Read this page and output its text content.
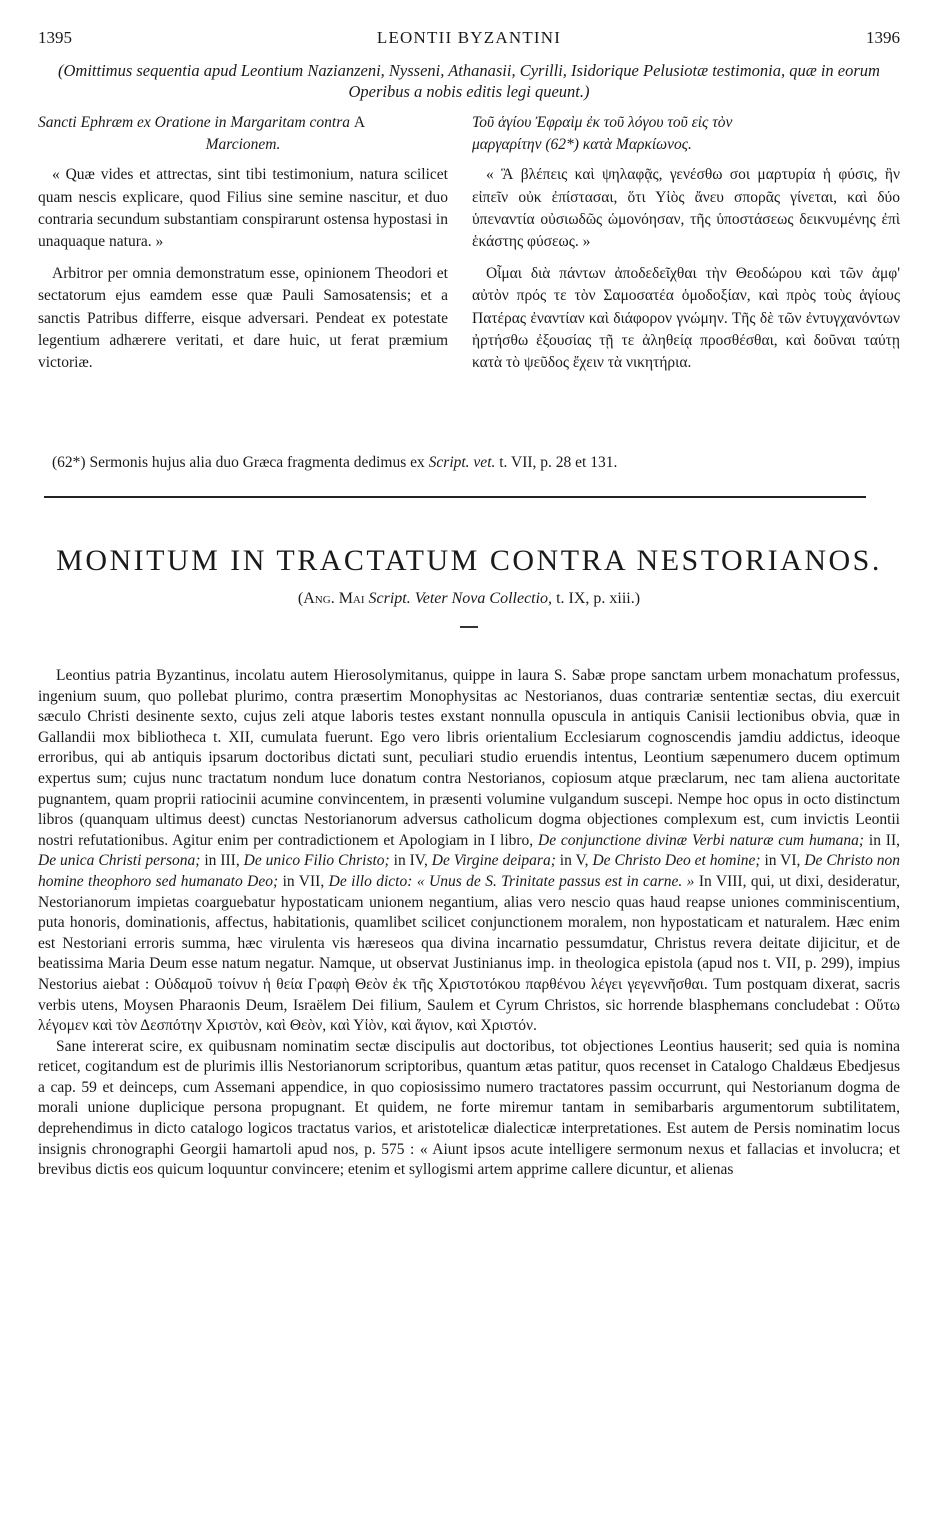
1395	LEONTII BYZANTINI	1396
(Omittimus sequentia apud Leontium Nazianzeni, Nysseni, Athanasii, Cyrilli, Isidorique Pelusiotæ testimonia, quæ in eorum Operibus a nobis editis legi queunt.)
Sancti Ephræm ex Oratione in Margaritam contra A
Marcionem.

« Quæ vides et attrectas, sint tibi testimonium, natura scilicet quam nescis explicare, quod Filius sine semine nascitur, et duo contraria secundum substantiam conspirarunt ostensa hypostasi in unaquaque natura. »

Arbitror per omnia demonstratum esse, opinionem Theodori et sectatorum ejus eamdem esse quæ Pauli Samosatensis; et a sanctis Patribus differre, eisque adversari. Pendeat ex potestate legentium adhærere veritati, et dare huic, ut ferat præmium victoriæ.

Τοῦ ἁγίου Ἐφραὶμ ἐκ τοῦ λόγου τοῦ εἰς τὸν
μαργαρίτην (62*) κατὰ Μαρκίωνος.

« Ἃ βλέπεις καὶ ψηλαφᾷς, γενέσθω σοι μαρτυρία ἡ φύσις, ἣν εἰπεῖν οὐκ ἐπίστασαι, ὅτι Υἱὸς ἄνευ σπορᾶς γίνεται, καὶ δύο ὑπεναντία οὐσιωδῶς ὡμονόησαν, τῆς ὑποστάσεως δεικνυμένης ἐπὶ ἑκάστης φύσεως. »

Οἶμαι διὰ πάντων ἀποδεδεῖχθαι τὴν Θεοδώρου καὶ τῶν ἀμφ' αὐτὸν πρός τε τὸν Σαμοσατέα ὁμοδοξίαν, καὶ πρὸς τοὺς ἁγίους Πατέρας ἐναντίαν καὶ διάφορον γνώμην. Τῆς δὲ τῶν ἐντυγχανόντων ἠρτήσθω ἐξουσίας τῇ τε ἀληθείᾳ προσθέσθαι, καὶ δοῦναι ταύτῃ κατὰ τὸ ψεῦδος ἔχειν τὰ νικητήρια.

(62*) Sermonis hujus alia duo Græca fragmenta dedimus ex Script. vet. t. VII, p. 28 et 131.
MONITUM IN TRACTATUM CONTRA NESTORIANOS.
(Ang. Mai Script. Veter Nova Collectio, t. IX, p. xiii.)

Leontius patria Byzantinus, incolatu autem Hierosolymitanus, quippe in laura S. Sabæ prope sanctam urbem monachatum professus, ingenium suum, quo pollebat plurimo, contra præsertim Monophysitas ac Nestorianos, duas contrariæ sententiæ sectas, diu exercuit sæculo Christi desinente sexto, cujus zeli atque laboris testes exstant nonnulla opuscula in antiquis Canisii lectionibus obvia, quæ in Gallandii mox bibliotheca t. XII, cumulata fuerunt. Ego vero libris orientalium Ecclesiarum cognoscendis jamdiu addictus, ideoque erroribus, qui ab antiquis ipsarum doctoribus dictati sunt, peculiari studio eruendis intentus, Leontium sæpenumero ducem optimum expertus sum; cujus nunc tractatum nondum luce donatum contra Nestorianos, copiosum atque præclarum, nec tam aliena auctoritate pugnantem, quam proprii ratiocinii acumine convincentem, in præsenti volumine vulgandum suscepi. Nempe hoc opus in octo distinctum libros (quanquam ultimus deest) cunctas Nestorianorum adversus catholicum dogma objectiones complexum est, cum invictis Leontii nostri refutationibus. Agitur enim per contradictionem et Apologiam in I libro, De conjunctione divinæ Verbi naturæ cum humana; in II, De unica Christi persona; in III, De unico Filio Christo; in IV, De Virgine deipara; in V, De Christo Deo et homine; in VI, De Christo non homine theophoro sed humanato Deo; in VII, De illo dicto: « Unus de S. Trinitate passus est in carne. » In VIII, qui, ut dixi, desideratur, Nestorianorum impietas coarguebatur hypostaticam unionem negantium, alias vero nescio quas haud reapse uniones comminiscentium, puta honoris, dominationis, affectus, habitationis, quamlibet scilicet conjunctionem moralem, non hypostaticam et naturalem. Hæc enim est Nestoriani erroris summa, hæc virulenta vis hæreseos qua divina incarnatio pessumdatur, Christus revera deitate dijicitur, et de beatissima Maria Deum esse natum negatur. Namque, ut observat Justinianus imp. in theologica epistola (apud nos t. VII, p. 299), impius Nestorius aiebat : Οὐδαμοῦ τοίνυν ἡ θεία Γραφὴ Θεὸν ἐκ τῆς Χριστοτόκου παρθένου λέγει γεγεννῆσθαι. Tum postquam dixerat, sacris verbis utens, Moysen Pharaonis Deum, Israëlem Dei filium, Saulem et Cyrum Christos, sic horrende blasphemans concludebat : Οὕτω λέγομεν καὶ τὸν Δεσπότην Χριστὸν, καὶ Θεὸν, καὶ Υἱὸν, καὶ ἅγιον, καὶ Χριστόν.

Sane intererat scire, ex quibusnam nominatim sectæ discipulis aut doctoribus, tot objectiones Leontius hauserit; sed quia is nomina reticet, cogitandum est de plurimis illis Nestorianorum scriptoribus, quantum ætas patitur, quos recenset in Catalogo Chaldæus Ebedjesus a cap. 59 et deinceps, cum Assemani appendice, in quo copiosissimo numero tractatores passim occurrunt, qui Nestorianum dogma de morali unione duplicique persona propugnant. Et quidem, ne forte miremur tantam in semibarbaris argumentorum subtilitatem, deprehendimus in dicto catalogo logicos tractatus varios, et aristotelicæ dialecticæ interpretationes. Est autem de Persis nominatim locus insignis chronographi Georgii hamartoli apud nos, p. 575 : « Aiunt ipsos acute intelligere sermonum nexus et fallacias et involucra; et brevibus dictis eos quicum loquuntur convincere; etenim et syllogismi artem apprime callere dicuntur, et alienas
